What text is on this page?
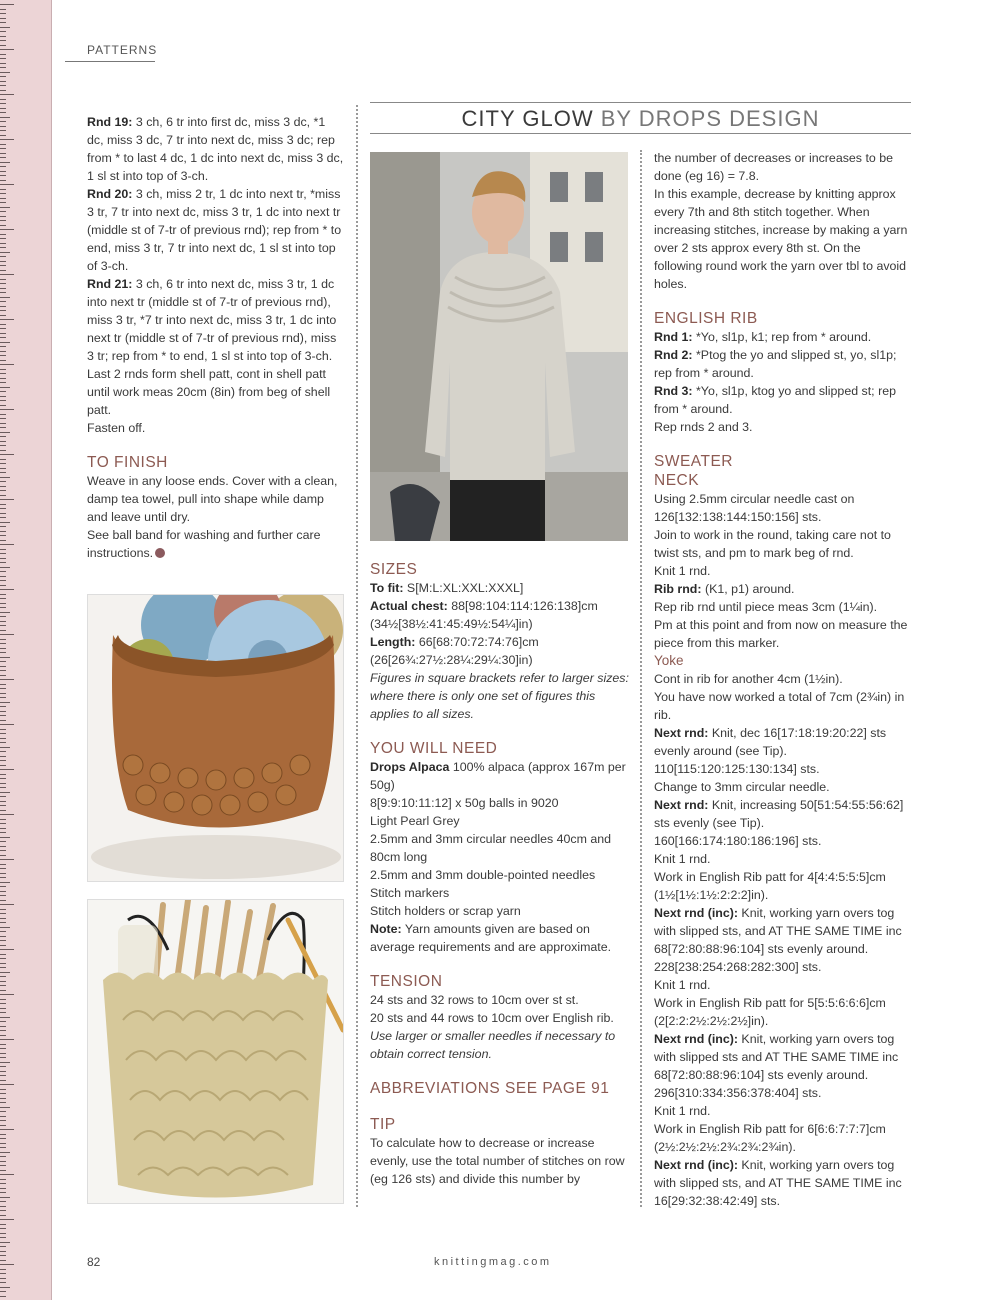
PATTERNS
CITY GLOW BY DROPS DESIGN

Rnd 19: 3 ch, 6 tr into first dc, miss 3 dc, *1 dc, miss 3 dc, 7 tr into next dc, miss 3 dc; rep from * to last 4 dc, 1 dc into next dc, miss 3 dc, 1 sl st into top of 3-ch.

Rnd 20: 3 ch, miss 2 tr, 1 dc into next tr, *miss 3 tr, 7 tr into next dc, miss 3 tr, 1 dc into next tr (middle st of 7-tr of previous rnd); rep from * to end, miss 3 tr, 7 tr into next dc, 1 sl st into top of 3-ch.

Rnd 21: 3 ch, 6 tr into next dc, miss 3 tr, 1 dc into next tr (middle st of 7-tr of previous rnd), miss 3 tr, *7 tr into next dc, miss 3 tr, 1 dc into next tr (middle st of 7-tr of previous rnd), miss 3 tr; rep from * to end, 1 sl st into top of 3-ch.

Last 2 rnds form shell patt, cont in shell patt until work meas 20cm (8in) from beg of shell patt.

Fasten off.

TO FINISH

Weave in any loose ends. Cover with a clean, damp tea towel, pull into shape while damp and leave until dry.

See ball band for washing and further care instructions.

SIZES

To fit: S[M:L:XL:XXL:XXXL]

Actual chest: 88[98:104:114:126:138]cm (34½[38½:41:45:49½:54¼]in)

Length: 66[68:70:72:74:76]cm (26[26¾:27½:28¼:29¼:30]in)

Figures in square brackets refer to larger sizes: where there is only one set of figures this applies to all sizes.

YOU WILL NEED

Drops Alpaca 100% alpaca (approx 167m per 50g)

8[9:9:10:11:12] x 50g balls in 9020

Light Pearl Grey

2.5mm and 3mm circular needles 40cm and 80cm long

2.5mm and 3mm double-pointed needles

Stitch markers

Stitch holders or scrap yarn

Note: Yarn amounts given are based on average requirements and are approximate.

TENSION

24 sts and 32 rows to 10cm over st st.

20 sts and 44 rows to 10cm over English rib.

Use larger or smaller needles if necessary to obtain correct tension.

ABBREVIATIONS SEE PAGE 91
TIP

To calculate how to decrease or increase evenly, use the total number of stitches on row (eg 126 sts) and divide this number by

the number of decreases or increases to be done (eg 16) = 7.8.

In this example, decrease by knitting approx every 7th and 8th stitch together. When increasing stitches, increase by making a yarn over 2 sts approx every 8th st. On the following round work the yarn over tbl to avoid holes.

ENGLISH RIB

Rnd 1: *Yo, sl1p, k1; rep from * around.

Rnd 2: *Ptog the yo and slipped st, yo, sl1p; rep from * around.

Rnd 3: *Yo, sl1p, ktog yo and slipped st; rep from * around.

Rep rnds 2 and 3.

SWEATER
NECK

Using 2.5mm circular needle cast on 126[132:138:144:150:156] sts.

Join to work in the round, taking care not to twist sts, and pm to mark beg of rnd.

Knit 1 rnd.

Rib rnd: (K1, p1) around.

Rep rib rnd until piece meas 3cm (1¼in).

Pm at this point and from now on measure the piece from this marker.

Yoke

Cont in rib for another 4cm (1½in).

You have now worked a total of 7cm (2¾in) in rib.

Next rnd: Knit, dec 16[17:18:19:20:22] sts evenly around (see Tip).

110[115:120:125:130:134] sts.

Change to 3mm circular needle.

Next rnd: Knit, increasing 50[51:54:55:56:62] sts evenly (see Tip).

160[166:174:180:186:196] sts.

Knit 1 rnd.

Work in English Rib patt for 4[4:4:5:5:5]cm (1½[1½:1½:2:2:2]in).

Next rnd (inc): Knit, working yarn overs tog with slipped sts, and AT THE SAME TIME inc 68[72:80:88:96:104] sts evenly around. 228[238:254:268:282:300] sts.

Knit 1 rnd.

Work in English Rib patt for 5[5:5:6:6:6]cm (2[2:2:2½:2½:2½]in).

Next rnd (inc): Knit, working yarn overs tog with slipped sts and AT THE SAME TIME inc 68[72:80:88:96:104] sts evenly around. 296[310:334:356:378:404] sts.

Knit 1 rnd.

Work in English Rib patt for 6[6:6:7:7:7]cm (2½:2½:2½:2¾:2¾:2¾in).

Next rnd (inc): Knit, working yarn overs tog with slipped sts, and AT THE SAME TIME inc 16[29:32:38:42:49] sts.

82	knittingmag.com
